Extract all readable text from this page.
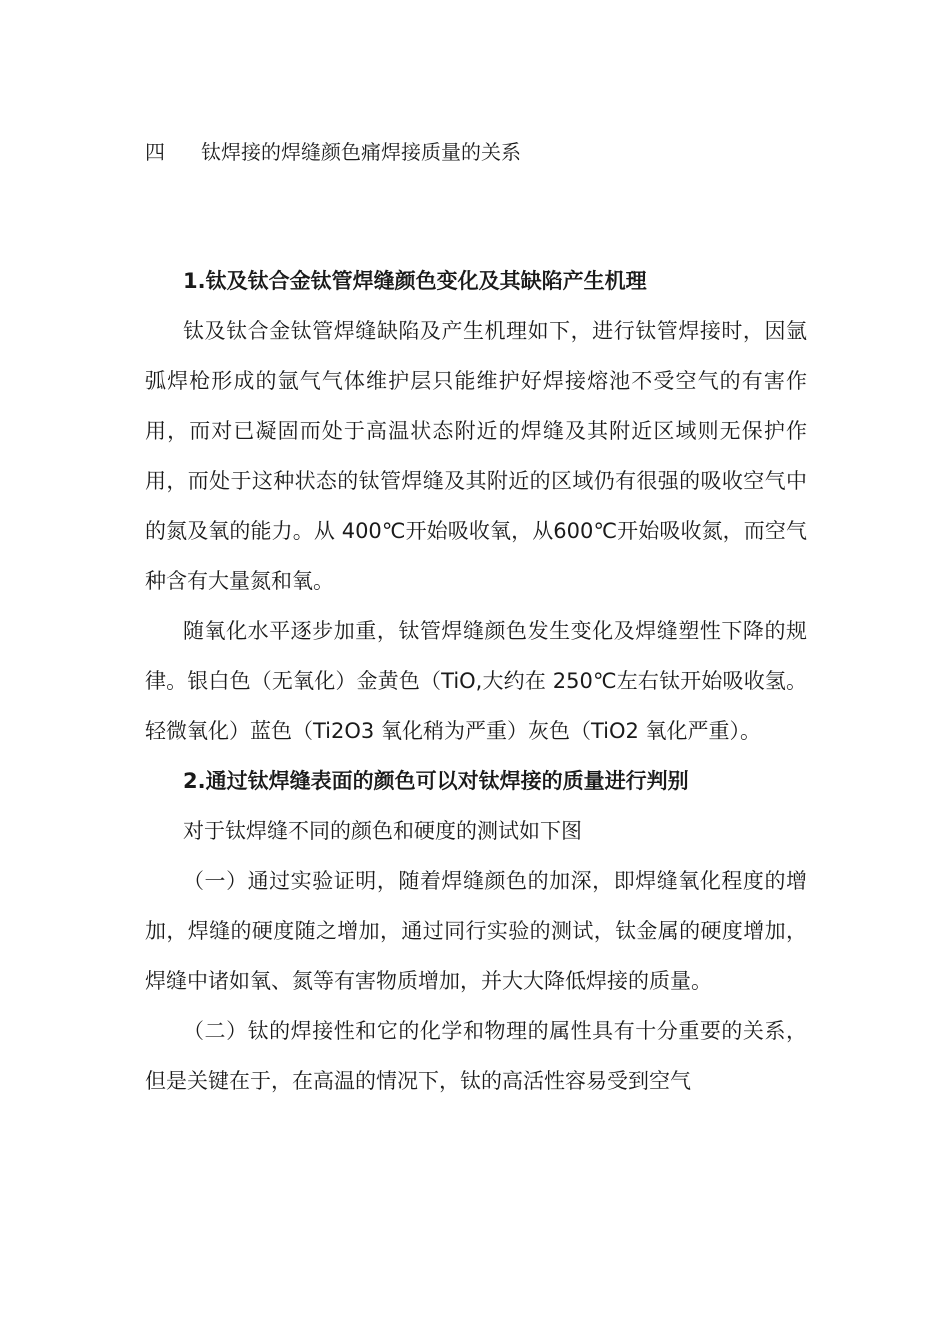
四 钛焊接的焊缝颜色痛焊接质量的关系

1.钛及钛合金钛管焊缝颜色变化及其缺陷产生机理

钛及钛合金钛管焊缝缺陷及产生机理如下，进行钛管焊接时，因氩弧焊枪形成的氩气气体维护层只能维护好焊接熔池不受空气的有害作用，而对已凝固而处于高温状态附近的焊缝及其附近区域则无保护作用，而处于这种状态的钛管焊缝及其附近的区域仍有很强的吸收空气中的氮及氧的能力。从 400℃开始吸收氧，从600℃开始吸收氮，而空气种含有大量氮和氧。

随氧化水平逐步加重，钛管焊缝颜色发生变化及焊缝塑性下降的规律。银白色（无氧化）金黄色（TiO,大约在 250℃左右钛开始吸收氢。轻微氧化）蓝色（Ti2O3 氧化稍为严重）灰色（TiO2 氧化严重）。

2.通过钛焊缝表面的颜色可以对钛焊接的质量进行判别

对于钛焊缝不同的颜色和硬度的测试如下图

（一）通过实验证明，随着焊缝颜色的加深，即焊缝氧化程度的增加，焊缝的硬度随之增加，通过同行实验的测试，钛金属的硬度增加，焊缝中诸如氧、氮等有害物质增加，并大大降低焊接的质量。

（二）钛的焊接性和它的化学和物理的属性具有十分重要的关系，但是关键在于，在高温的情况下，钛的高活性容易受到空气
